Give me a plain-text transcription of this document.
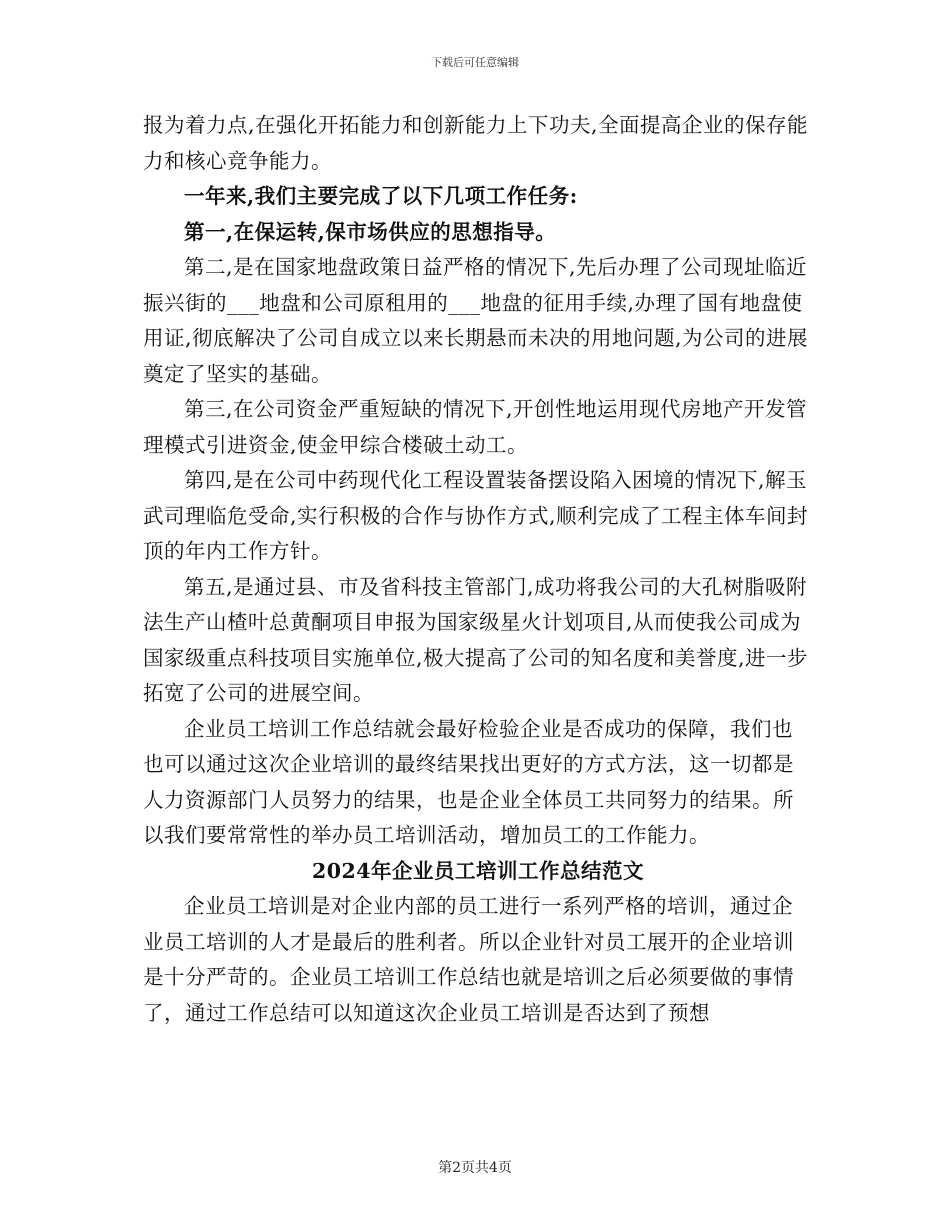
下载后可任意编辑

报为着力点,在强化开拓能力和创新能力上下功夫,全面提高企业的保存能力和核心竞争能力。

一年来,我们主要完成了以下几项工作任务:

第一,在保运转,保市场供应的思想指导。

第二,是在国家地盘政策日益严格的情况下,先后办理了公司现址临近振兴街的___地盘和公司原租用的___地盘的征用手续,办理了国有地盘使用证,彻底解决了公司自成立以来长期悬而未决的用地问题,为公司的进展奠定了坚实的基础。

第三,在公司资金严重短缺的情况下,开创性地运用现代房地产开发管理模式引进资金,使金甲综合楼破土动工。

第四,是在公司中药现代化工程设置装备摆设陷入困境的情况下,解玉武司理临危受命,实行积极的合作与协作方式,顺利完成了工程主体车间封顶的年内工作方针。

第五,是通过县、市及省科技主管部门,成功将我公司的大孔树脂吸附法生产山楂叶总黄酮项目申报为国家级星火计划项目,从而使我公司成为国家级重点科技项目实施单位,极大提高了公司的知名度和美誉度,进一步拓宽了公司的进展空间。

企业员工培训工作总结就会最好检验企业是否成功的保障，我们也也可以通过这次企业培训的最终结果找出更好的方式方法，这一切都是人力资源部门人员努力的结果，也是企业全体员工共同努力的结果。所以我们要常常性的举办员工培训活动，增加员工的工作能力。

2024年企业员工培训工作总结范文

企业员工培训是对企业内部的员工进行一系列严格的培训，通过企业员工培训的人才是最后的胜利者。所以企业针对员工展开的企业培训是十分严苛的。企业员工培训工作总结也就是培训之后必须要做的事情了，通过工作总结可以知道这次企业员工培训是否达到了预想

第2页共4页
